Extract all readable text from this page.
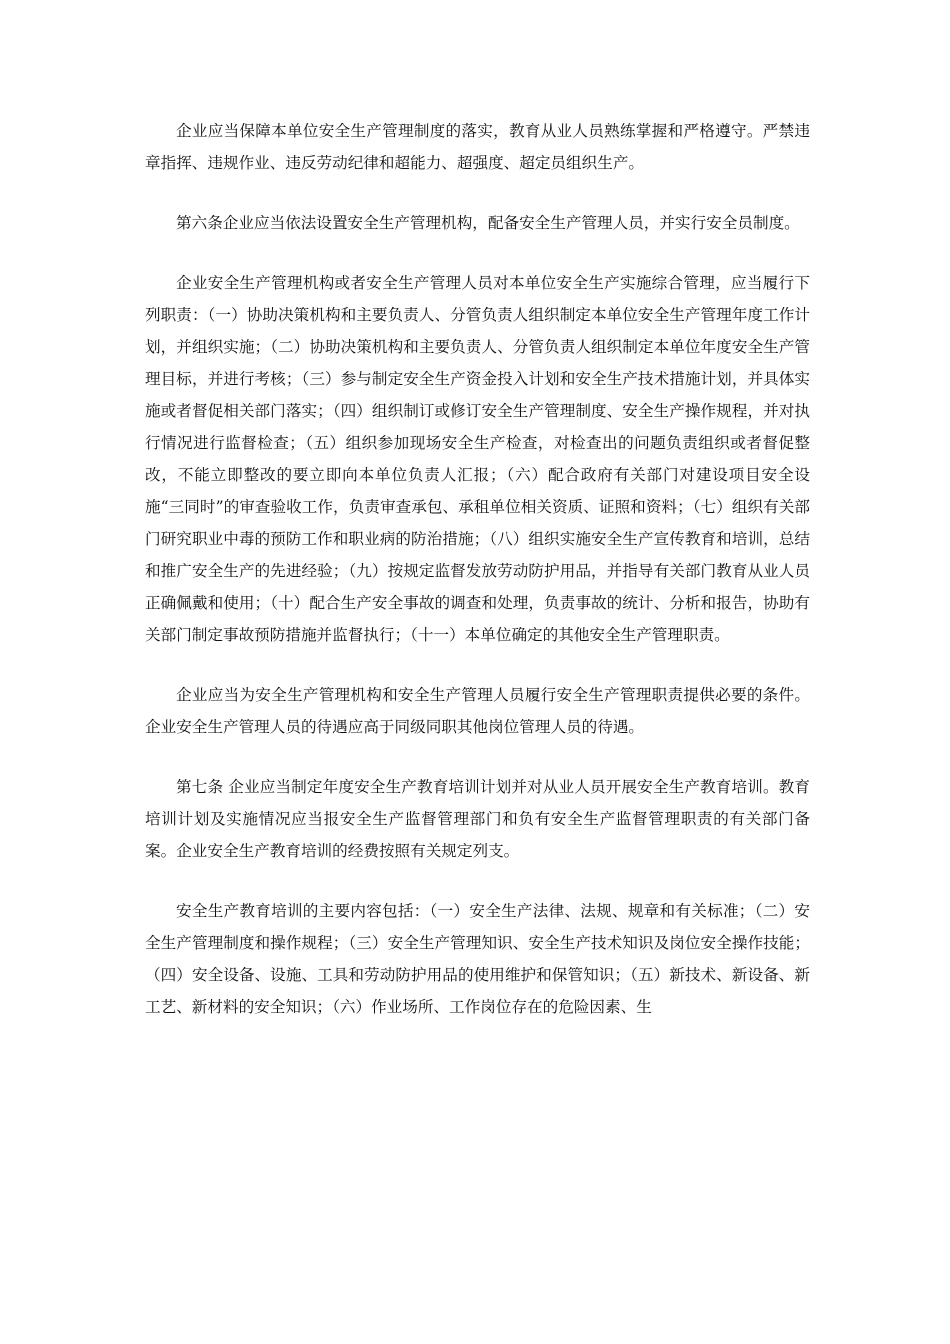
企业应当保障本单位安全生产管理制度的落实，教育从业人员熟练掌握和严格遵守。严禁违章指挥、违规作业、违反劳动纪律和超能力、超强度、超定员组织生产。

第六条企业应当依法设置安全生产管理机构，配备安全生产管理人员，并实行安全员制度。

企业安全生产管理机构或者安全生产管理人员对本单位安全生产实施综合管理，应当履行下列职责：（一）协助决策机构和主要负责人、分管负责人组织制定本单位安全生产管理年度工作计划，并组织实施；（二）协助决策机构和主要负责人、分管负责人组织制定本单位年度安全生产管理目标，并进行考核；（三）参与制定安全生产资金投入计划和安全生产技术措施计划，并具体实施或者督促相关部门落实；（四）组织制订或修订安全生产管理制度、安全生产操作规程，并对执行情况进行监督检查；（五）组织参加现场安全生产检查，对检查出的问题负责组织或者督促整改，不能立即整改的要立即向本单位负责人汇报；（六）配合政府有关部门对建设项目安全设施“三同时”的审查验收工作，负责审查承包、承租单位相关资质、证照和资料；（七）组织有关部门研究职业中毒的预防工作和职业病的防治措施；（八）组织实施安全生产宣传教育和培训，总结和推广安全生产的先进经验；（九）按规定监督发放劳动防护用品，并指导有关部门教育从业人员正确佩戴和使用；（十）配合生产安全事故的调查和处理，负责事故的统计、分析和报告，协助有关部门制定事故预防措施并监督执行；（十一）本单位确定的其他安全生产管理职责。

企业应当为安全生产管理机构和安全生产管理人员履行安全生产管理职责提供必要的条件。企业安全生产管理人员的待遇应高于同级同职其他岗位管理人员的待遇。

第七条 企业应当制定年度安全生产教育培训计划并对从业人员开展安全生产教育培训。教育培训计划及实施情况应当报安全生产监督管理部门和负有安全生产监督管理职责的有关部门备案。企业安全生产教育培训的经费按照有关规定列支。

安全生产教育培训的主要内容包括：（一）安全生产法律、法规、规章和有关标准；（二）安全生产管理制度和操作规程；（三）安全生产管理知识、安全生产技术知识及岗位安全操作技能；（四）安全设备、设施、工具和劳动防护用品的使用维护和保管知识；（五）新技术、新设备、新工艺、新材料的安全知识；（六）作业场所、工作岗位存在的危险因素、生
